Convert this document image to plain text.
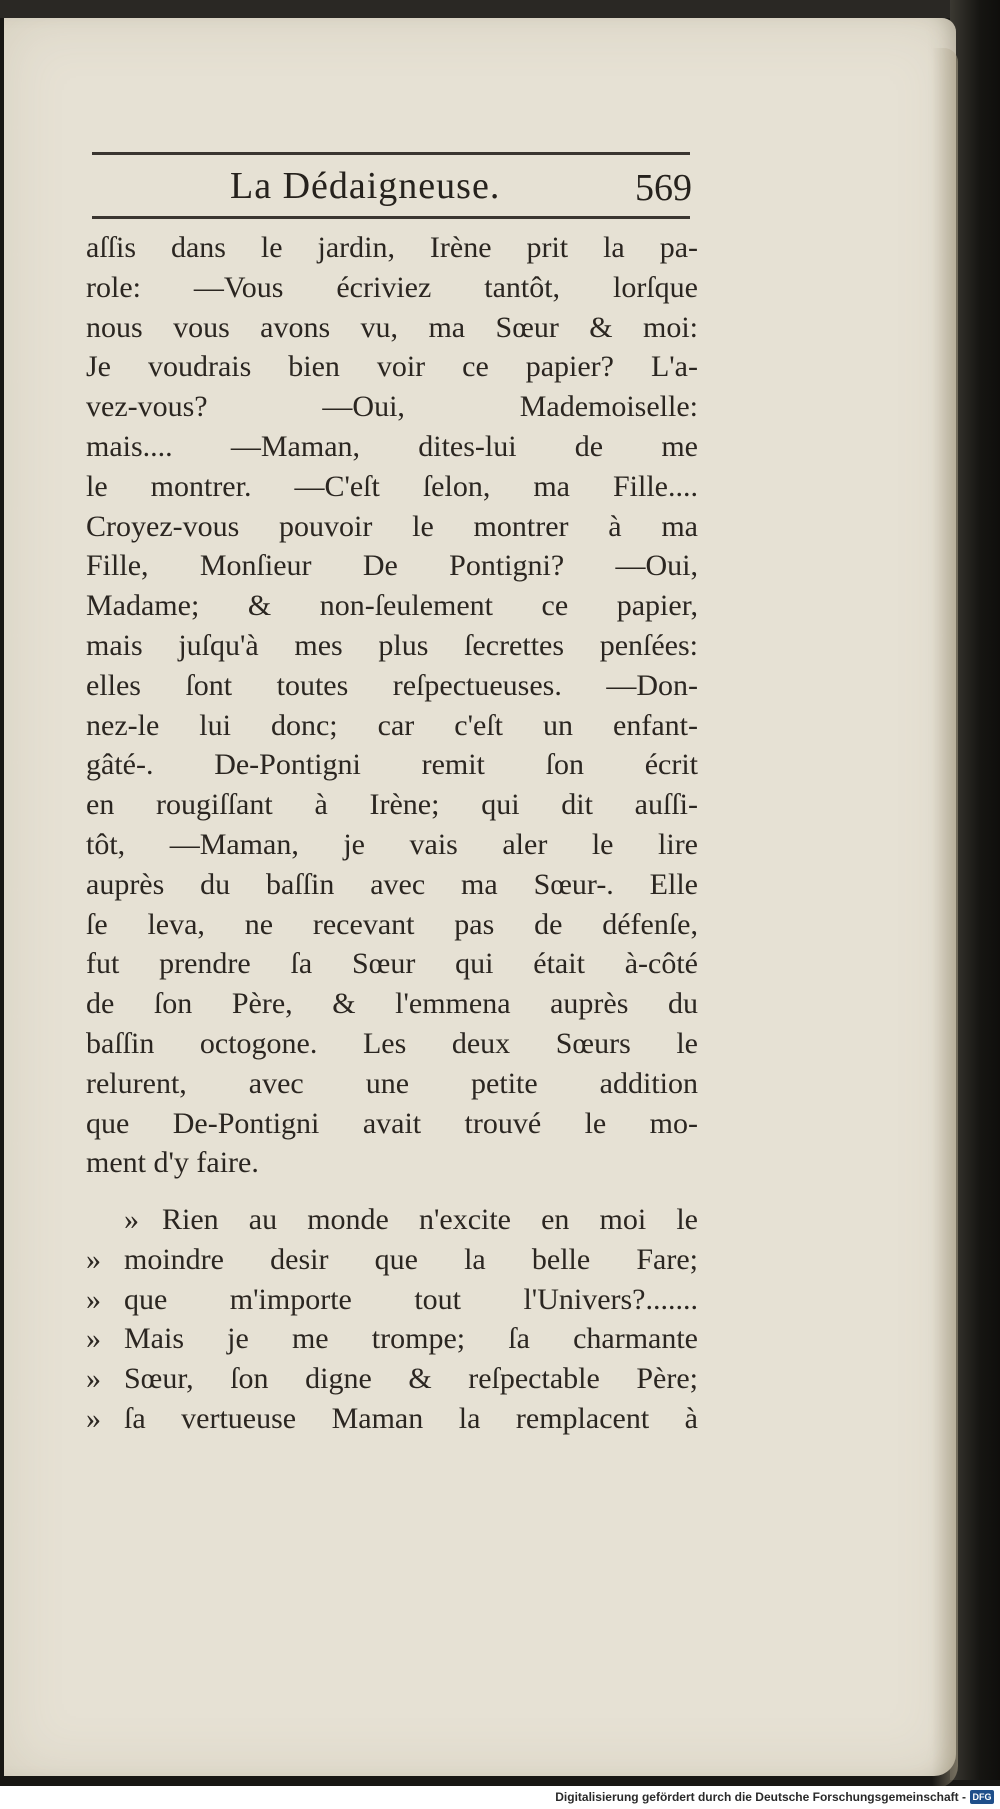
La Dédaigneuse.	569
aſſis dans le jardin, Irène prit la pa-
role: —Vous écriviez tantôt, lorſque
nous vous avons vu, ma Sœur & moi:
Je voudrais bien voir ce papier? L'a-
vez-vous? —Oui, Mademoiselle:
mais.... —Maman, dites-lui de me
le montrer. —C'eſt ſelon, ma Fille....
Croyez-vous pouvoir le montrer à ma
Fille, Monſieur De Pontigni? —Oui,
Madame; & non-ſeulement ce papier,
mais juſqu'à mes plus ſecrettes penſées:
elles ſont toutes reſpectueuses. —Don-
nez-le lui donc; car c'eſt un enfant-
gâté-. De-Pontigni remit ſon écrit
en rougiſſant à Irène; qui dit auſſi-
tôt, —Maman, je vais aler le lire
auprès du baſſin avec ma Sœur-. Elle
ſe leva, ne recevant pas de défenſe,
fut prendre ſa Sœur qui était à-côté
de ſon Père, & l'emmena auprès du
baſſin octogone. Les deux Sœurs le
relurent, avec une petite addition
que De-Pontigni avait trouvé le mo-
ment d'y faire.
» Rien au monde n'excite en moi le
» moindre desir que la belle Fare;
» que m'importe tout l'Univers?.......
» Mais je me trompe; ſa charmante
» Sœur, ſon digne & reſpectable Père;
» ſa vertueuse Maman la remplacent à
Digitalisierung gefördert durch die Deutsche Forschungsgemeinschaft - DFG
